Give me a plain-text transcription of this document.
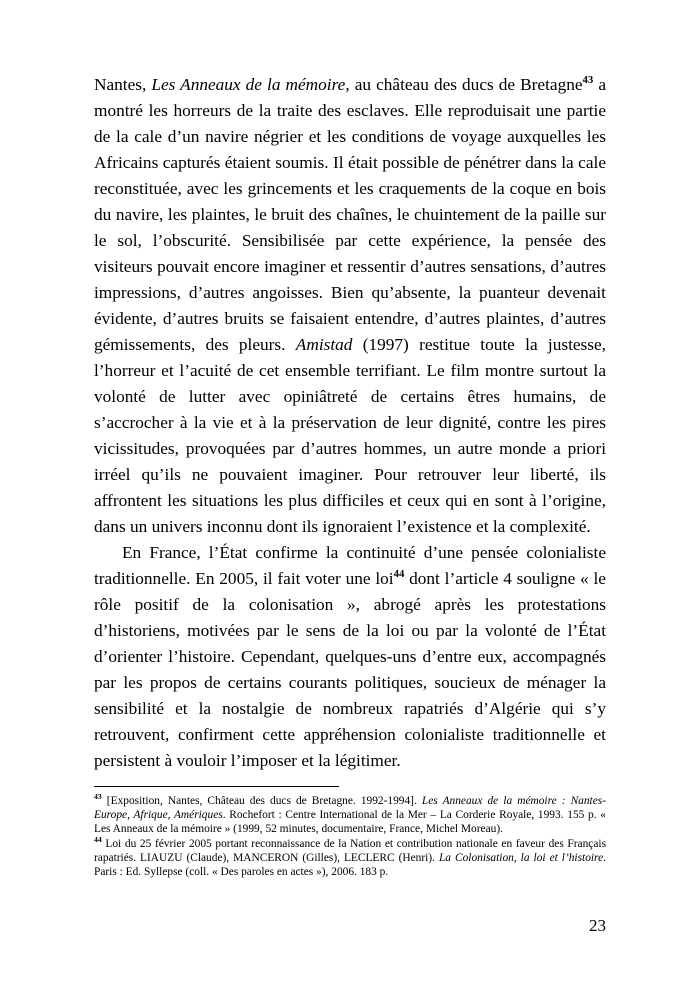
Nantes, Les Anneaux de la mémoire, au château des ducs de Bretagne$^{43}$ a montré les horreurs de la traite des esclaves. Elle reproduisait une partie de la cale d’un navire négrier et les conditions de voyage auxquelles les Africains capturés étaient soumis. Il était possible de pénétrer dans la cale reconstituée, avec les grincements et les craquements de la coque en bois du navire, les plaintes, le bruit des chaînes, le chuintement de la paille sur le sol, l’obscurité. Sensibilisée par cette expérience, la pensée des visiteurs pouvait encore imaginer et ressentir d’autres sensations, d’autres impressions, d’autres angoisses. Bien qu’absente, la puanteur devenait évidente, d’autres bruits se faisaient entendre, d’autres plaintes, d’autres gémissements, des pleurs. Amistad (1997) restitue toute la justesse, l’horreur et l’acuité de cet ensemble terrifiant. Le film montre surtout la volonté de lutter avec opiniâtreté de certains êtres humains, de s’accrocher à la vie et à la préservation de leur dignité, contre les pires vicissitudes, provoquées par d’autres hommes, un autre monde a priori irréel qu’ils ne pouvaient imaginer. Pour retrouver leur liberté, ils affrontent les situations les plus difficiles et ceux qui en sont à l’origine, dans un univers inconnu dont ils ignoraient l’existence et la complexité.

En France, l’État confirme la continuité d’une pensée colonialiste traditionnelle. En 2005, il fait voter une loi$^{44}$ dont l’article 4 souligne « le rôle positif de la colonisation », abrogé après les protestations d’historiens, motivées par le sens de la loi ou par la volonté de l’État d’orienter l’histoire. Cependant, quelques-uns d’entre eux, accompagnés par les propos de certains courants politiques, soucieux de ménager la sensibilité et la nostalgie de nombreux rapatriés d’Algérie qui s’y retrouvent, confirment cette appréhension colonialiste traditionnelle et persistent à vouloir l’imposer et la légitimer.

$^{43}$ [Exposition, Nantes, Château des ducs de Bretagne. 1992-1994]. Les Anneaux de la mémoire : Nantes-Europe, Afrique, Amériques. Rochefort : Centre International de la Mer – La Corderie Royale, 1993. 155 p. « Les Anneaux de la mémoire » (1999, 52 minutes, documentaire, France, Michel Moreau).

$^{44}$ Loi du 25 février 2005 portant reconnaissance de la Nation et contribution nationale en faveur des Français rapatriés. LIAUZU (Claude), MANCERON (Gilles), LECLERC (Henri). La Colonisation, la loi et l’histoire. Paris : Ed. Syllepse (coll. « Des paroles en actes »), 2006. 183 p.

23
